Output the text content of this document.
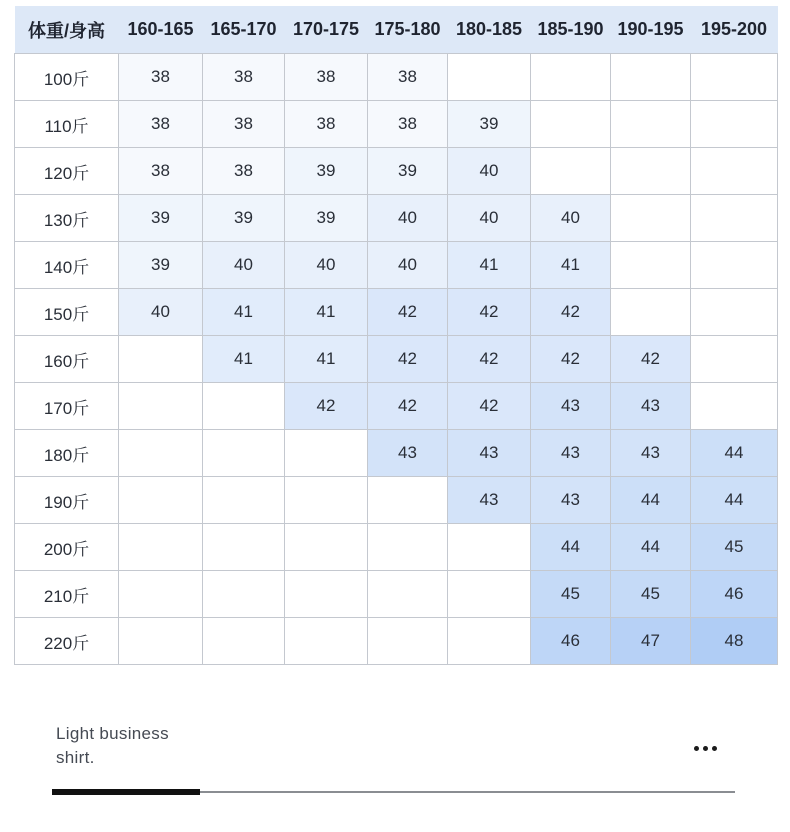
体重/身高	160-165	165-170	170-175	175-180	180-185	185-190	190-195	195-200
100斤	38	38	38	38				
110斤	38	38	38	38	39			
120斤	38	38	39	39	40			
130斤	39	39	39	40	40	40		
140斤	39	40	40	40	41	41		
150斤	40	41	41	42	42	42		
160斤		41	41	42	42	42	42	
170斤			42	42	42	43	43	
180斤				43	43	43	43	44
190斤					43	43	44	44
200斤						44	44	45
210斤						45	45	46
220斤						46	47	48
Light business
shirt.
